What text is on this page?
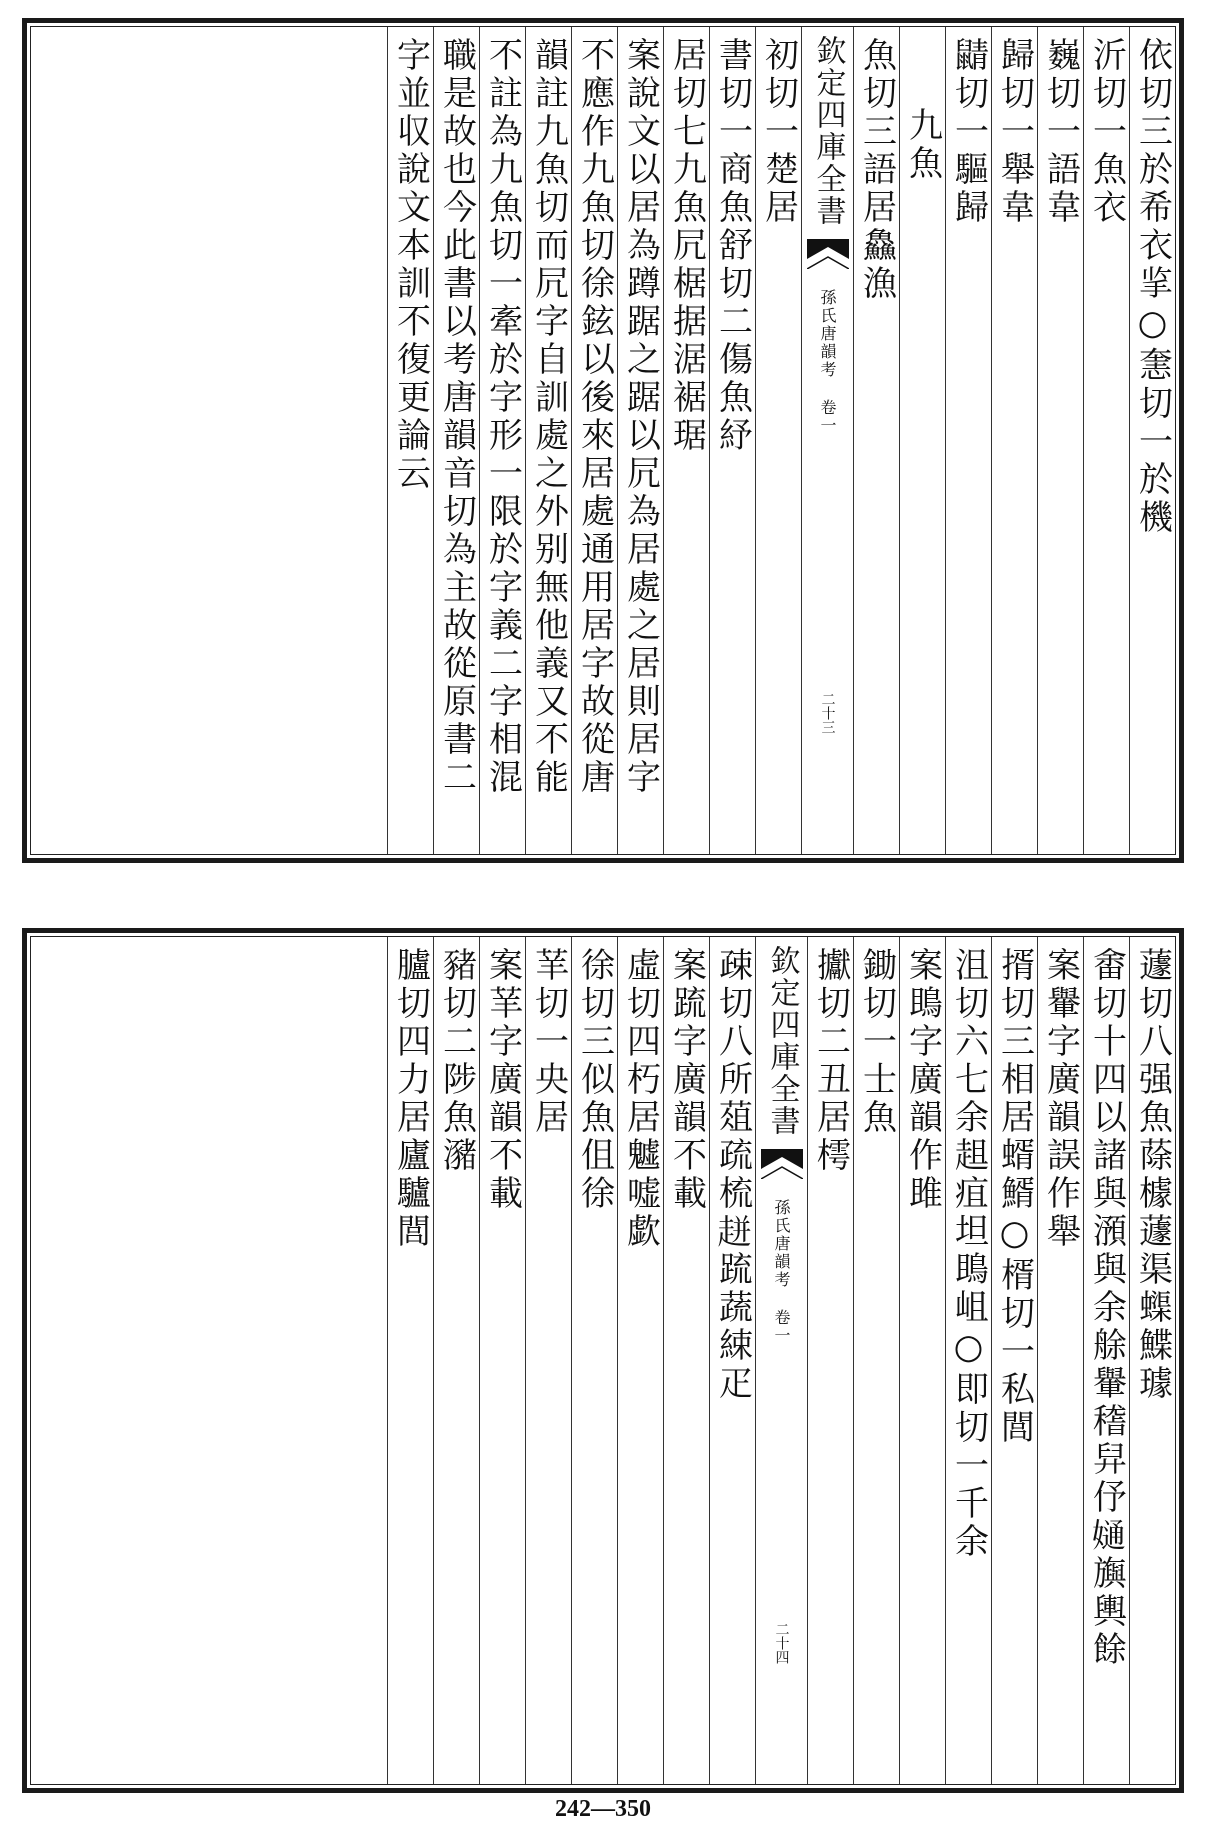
依切三於希衣㧛○㥣切一於機
沂切一魚衣
巍切一語韋
歸切一舉韋
鼱切一驅歸
九魚
魚切三語居鱻漁
欽定四庫全書
孫氏唐韻考
卷一
二十三
初切一楚居
書切一商魚舒切二傷魚紓
居切七九魚凥椐据涺裾琚
案說文以居為蹲踞之踞以凥為居處之居則居字
不應作九魚切徐鉉以後來居處通用居字故從唐
韻註九魚切而凥字自訓處之外别無他義又不能
不註為九魚切一牽於字形一限於字義二字相混
職是故也今此書以考唐韻音切為主故從原書二
字並収說文本訓不復更論云
蘧切八强魚蒢㯫蘧渠蟝鰈璩
畬切十四以諸與澦與余艅轝𥡴舁伃𡠙旟輿餘
案轝字廣韻誤作舉
揟切三相居蝑䱬○楈切一私閭
沮切六七余趄疽坦鴡岨○即切一千余
案鴡字廣韻作雎
鋤切一士魚
㩵切二丑居樗
欽定四庫全書
孫氏唐韻考
卷一
二十四
疎切八所葅疏梳𧻓䟽蔬綀疋
案䟽字廣韻不載
虛切四朽居魖嘘歔
徐切三似魚伹徐
𦭵切一央居
案𦭵字廣韻不載
豬切二陟魚瀦
臚切四力居廬驢閭
242—350
